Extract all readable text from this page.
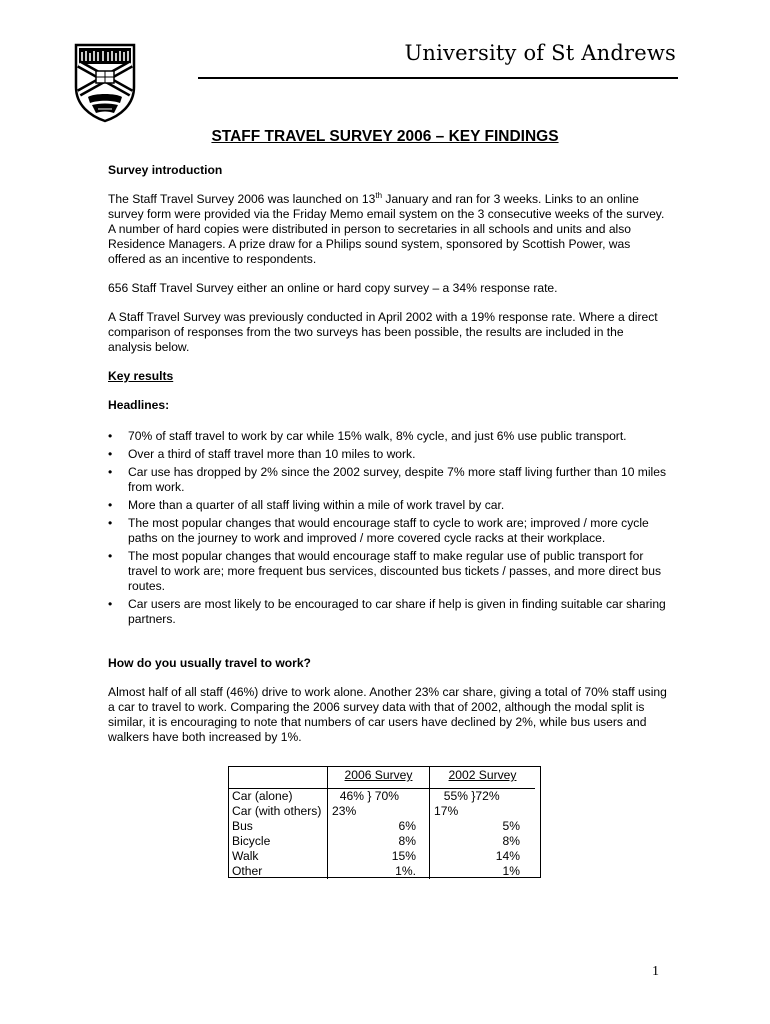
University of St Andrews
STAFF TRAVEL SURVEY 2006 – KEY FINDINGS

Survey introduction

The Staff Travel Survey 2006 was launched on 13th January and ran for 3 weeks. Links to an online survey form were provided via the Friday Memo email system on the 3 consecutive weeks of the survey. A number of hard copies were distributed in person to secretaries in all schools and units and also Residence Managers. A prize draw for a Philips sound system, sponsored by Scottish Power, was offered as an incentive to respondents.

656 Staff Travel Survey either an online or hard copy survey – a 34% response rate.

A Staff Travel Survey was previously conducted in April 2002 with a 19% response rate. Where a direct comparison of responses from the two surveys has been possible, the results are included in the analysis below.

Key results

Headlines:

• 70% of staff travel to work by car while 15% walk, 8% cycle, and just 6% use public transport.
• Over a third of staff travel more than 10 miles to work.
• Car use has dropped by 2% since the 2002 survey, despite 7% more staff living further than 10 miles from work.
• More than a quarter of all staff living within a mile of work travel by car.
• The most popular changes that would encourage staff to cycle to work are; improved / more cycle paths on the journey to work and improved / more covered cycle racks at their workplace.
• The most popular changes that would encourage staff to make regular use of public transport for travel to work are; more frequent bus services, discounted bus tickets / passes, and more direct bus routes.
• Car users are most likely to be encouraged to car share if help is given in finding suitable car sharing partners.

How do you usually travel to work?

Almost half of all staff (46%) drive to work alone. Another 23% car share, giving a total of 70% staff using a car to travel to work. Comparing the 2006 survey data with that of 2002, although the modal split is similar, it is encouraging to note that numbers of car users have declined by 2%, while bus users and walkers have both increased by 1%.

	2006 Survey	2002 Survey
Car (alone)	46% } 70%	55% }72%
Car (with others)	23%	17%
Bus	6%	5%
Bicycle	8%	8%
Walk	15%	14%
Other	1%.	1%
1
